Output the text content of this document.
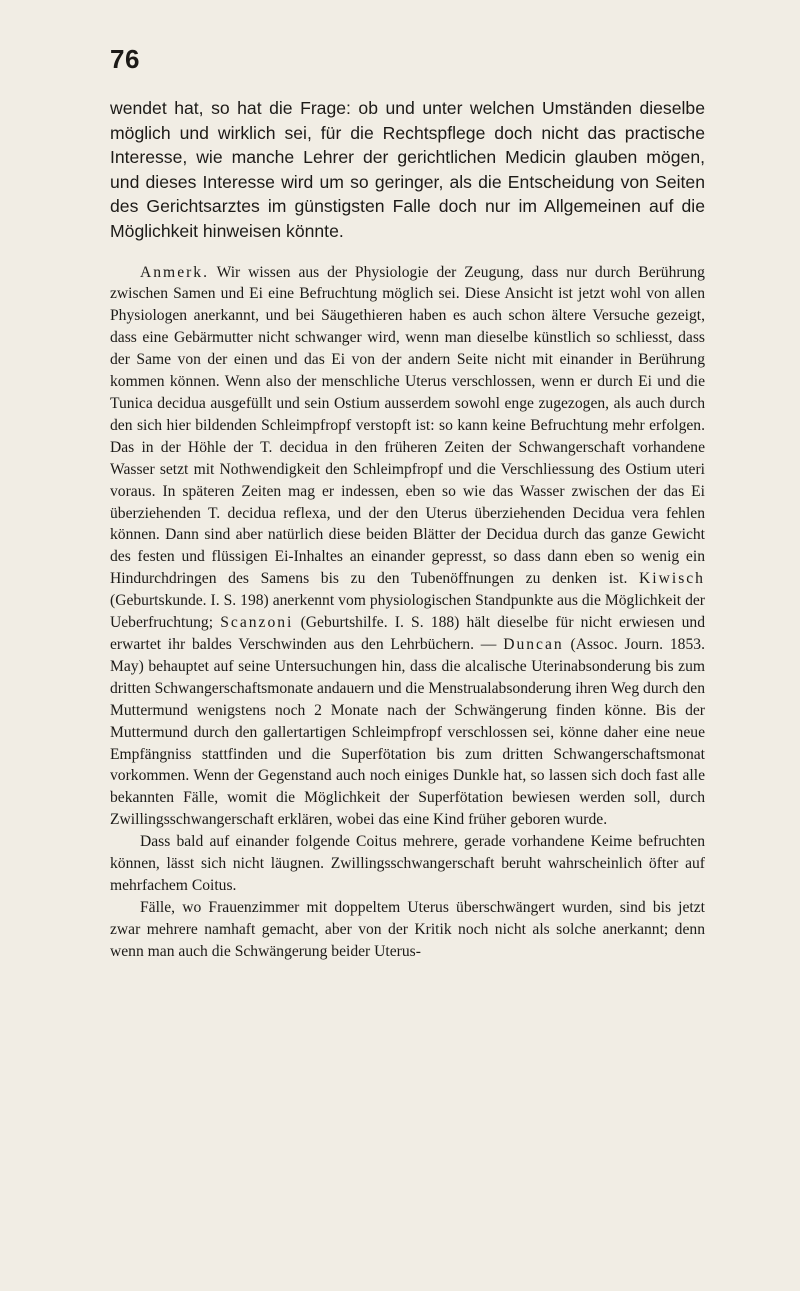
76

wendet hat, so hat die Frage: ob und unter welchen Umständen dieselbe möglich und wirklich sei, für die Rechtspflege doch nicht das practische Interesse, wie manche Lehrer der gerichtlichen Medicin glauben mögen, und dieses Interesse wird um so geringer, als die Entscheidung von Seiten des Gerichtsarztes im günstigsten Falle doch nur im Allgemeinen auf die Möglichkeit hinweisen könnte.

Anmerk. Wir wissen aus der Physiologie der Zeugung, dass nur durch Berührung zwischen Samen und Ei eine Befruchtung möglich sei. Diese Ansicht ist jetzt wohl von allen Physiologen anerkannt, und bei Säugethieren haben es auch schon ältere Versuche gezeigt, dass eine Gebärmutter nicht schwanger wird, wenn man dieselbe künstlich so schliesst, dass der Same von der einen und das Ei von der andern Seite nicht mit einander in Berührung kommen können. Wenn also der menschliche Uterus verschlossen, wenn er durch Ei und die Tunica decidua ausgefüllt und sein Ostium ausserdem sowohl enge zugezogen, als auch durch den sich hier bildenden Schleimpfropf verstopft ist: so kann keine Befruchtung mehr erfolgen. Das in der Höhle der T. decidua in den früheren Zeiten der Schwangerschaft vorhandene Wasser setzt mit Nothwendigkeit den Schleimpfropf und die Verschliessung des Ostium uteri voraus. In späteren Zeiten mag er indessen, eben so wie das Wasser zwischen der das Ei überziehenden T. decidua reflexa, und der den Uterus überziehenden Decidua vera fehlen können. Dann sind aber natürlich diese beiden Blätter der Decidua durch das ganze Gewicht des festen und flüssigen Ei-Inhaltes an einander gepresst, so dass dann eben so wenig ein Hindurchdringen des Samens bis zu den Tubenöffnungen zu denken ist. Kiwisch (Geburtskunde. I. S. 198) anerkennt vom physiologischen Standpunkte aus die Möglichkeit der Ueberfruchtung; Scanzoni (Geburtshilfe. I. S. 188) hält dieselbe für nicht erwiesen und erwartet ihr baldes Verschwinden aus den Lehrbüchern. — Duncan (Assoc. Journ. 1853. May) behauptet auf seine Untersuchungen hin, dass die alcalische Uterinabsonderung bis zum dritten Schwangerschaftsmonate andauern und die Menstrualabsonderung ihren Weg durch den Muttermund wenigstens noch 2 Monate nach der Schwängerung finden könne. Bis der Muttermund durch den gallertartigen Schleimpfropf verschlossen sei, könne daher eine neue Empfängniss stattfinden und die Superfötation bis zum dritten Schwangerschaftsmonat vorkommen. Wenn der Gegenstand auch noch einiges Dunkle hat, so lassen sich doch fast alle bekannten Fälle, womit die Möglichkeit der Superfötation bewiesen werden soll, durch Zwillingsschwangerschaft erklären, wobei das eine Kind früher geboren wurde.

Dass bald auf einander folgende Coitus mehrere, gerade vorhandene Keime befruchten können, lässt sich nicht läugnen. Zwillingsschwangerschaft beruht wahrscheinlich öfter auf mehrfachem Coitus.

Fälle, wo Frauenzimmer mit doppeltem Uterus überschwängert wurden, sind bis jetzt zwar mehrere namhaft gemacht, aber von der Kritik noch nicht als solche anerkannt; denn wenn man auch die Schwängerung beider Uterus-
